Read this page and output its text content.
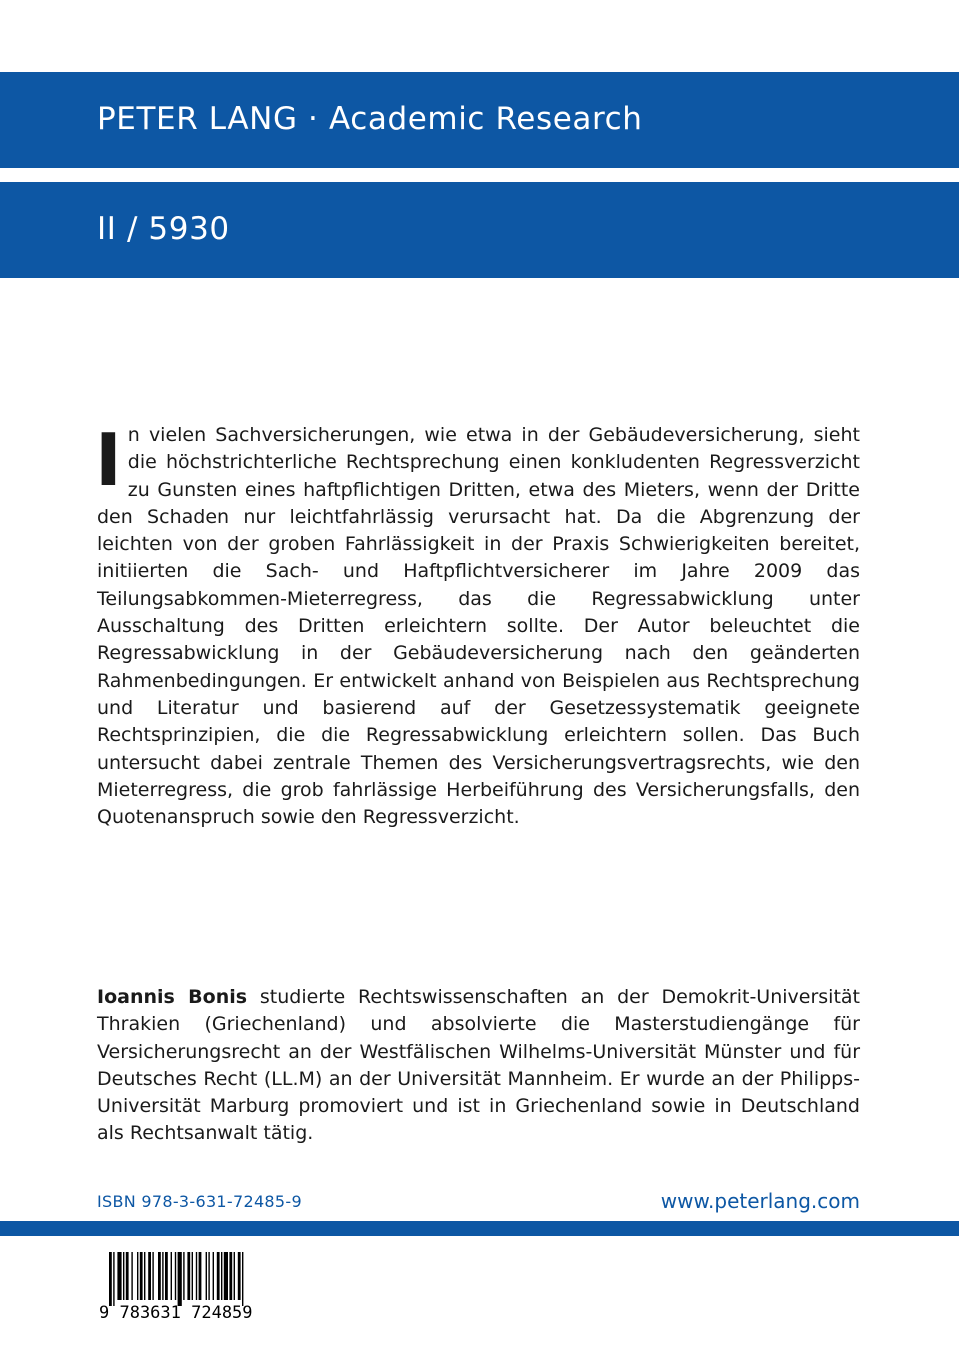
PETER LANG · Academic Research
II / 5930
I n vielen Sachversicherungen, wie etwa in der Gebäudeversicherung, sieht die höchstrichterliche Rechtsprechung einen konkludenten Regressverzicht zu Gunsten eines haftpflichtigen Dritten, etwa des Mieters, wenn der Dritte den Schaden nur leichtfahrlässig verursacht hat. Da die Abgrenzung der leichten von der groben Fahrlässigkeit in der Praxis Schwierigkeiten bereitet, initiierten die Sach- und Haftpflichtversicherer im Jahre 2009 das Teilungsabkommen-Mieterregress, das die Regressabwicklung unter Ausschaltung des Dritten erleichtern sollte. Der Autor beleuchtet die Regressabwicklung in der Gebäudeversicherung nach den geänderten Rahmenbedingungen. Er entwickelt anhand von Beispielen aus Rechtsprechung und Literatur und basierend auf der Gesetzessystematik geeignete Rechtsprinzipien, die die Regressabwicklung erleichtern sollen. Das Buch untersucht dabei zentrale Themen des Versicherungsvertragsrechts, wie den Mieterregress, die grob fahrlässige Herbeiführung des Versicherungsfalls, den Quotenanspruch sowie den Regressverzicht.
Ioannis Bonis studierte Rechtswissenschaften an der Demokrit-Universität Thrakien (Griechenland) und absolvierte die Masterstudiengänge für Versicherungsrecht an der Westfälischen Wilhelms-Universität Münster und für Deutsches Recht (LL.M) an der Universität Mannheim. Er wurde an der Philipps-Universität Marburg promoviert und ist in Griechenland sowie in Deutschland als Rechtsanwalt tätig.
ISBN 978-3-631-72485-9	www.peterlang.com
9 783631 724859
